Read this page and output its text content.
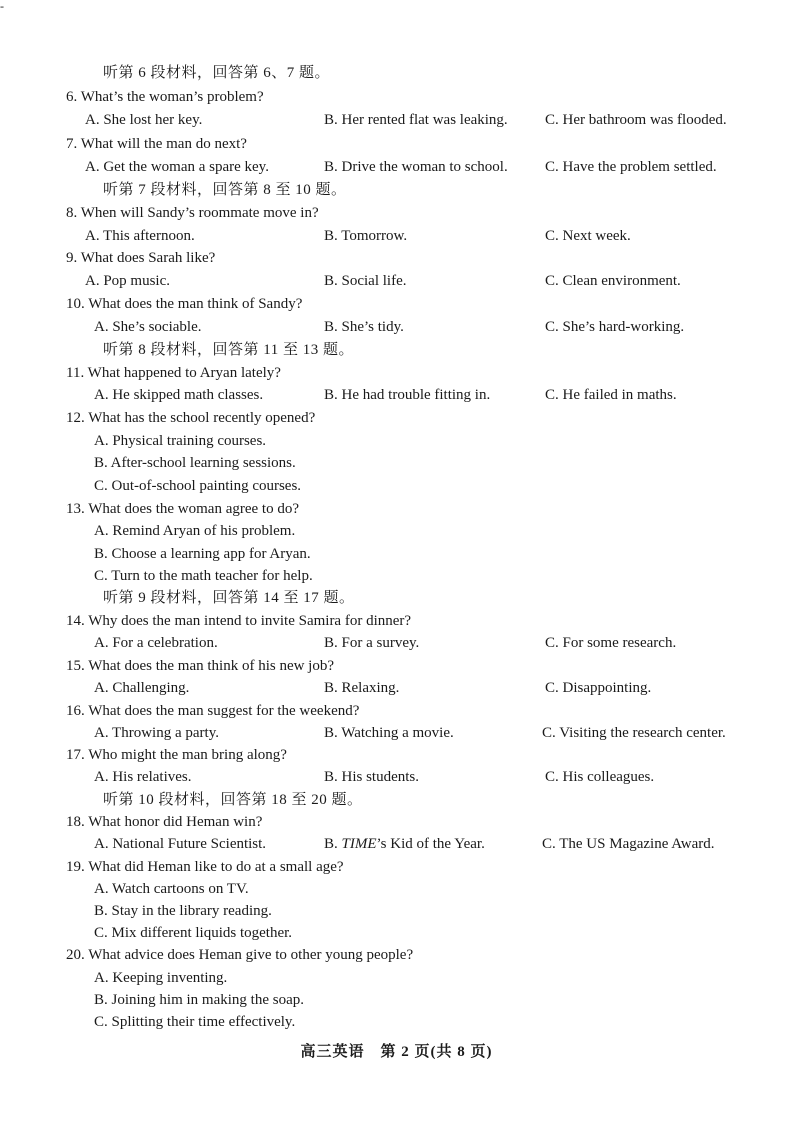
-
听第 6 段材料，回答第 6、7 题。
6. What’s the woman’s problem?
A. She lost her key.	B. Her rented flat was leaking. C. Her bathroom was flooded.
7. What will the man do next?
A. Get the woman a spare key.	B. Drive the woman to school. C. Have the problem settled.
听第 7 段材料，回答第 8 至 10 题。
8. When will Sandy’s roommate move in?
A. This afternoon.	B. Tomorrow.	C. Next week.
9. What does Sarah like?
A. Pop music.	B. Social life.	C. Clean environment.
10. What does the man think of Sandy?
A. She’s sociable.	B. She’s tidy.	C. She’s hard-working.
听第 8 段材料，回答第 11 至 13 题。
11. What happened to Aryan lately?
A. He skipped math classes.	B. He had trouble fitting in.	C. He failed in maths.
12. What has the school recently opened?
A. Physical training courses.
B. After-school learning sessions.
C. Out-of-school painting courses.
13. What does the woman agree to do?
A. Remind Aryan of his problem.
B. Choose a learning app for Aryan.
C. Turn to the math teacher for help.
听第 9 段材料，回答第 14 至 17 题。
14. Why does the man intend to invite Samira for dinner?
A. For a celebration.	B. For a survey.	C. For some research.
15. What does the man think of his new job?
A. Challenging.	B. Relaxing.	C. Disappointing.
16. What does the man suggest for the weekend?
A. Throwing a party.	B. Watching a movie.	C. Visiting the research center.
17. Who might the man bring along?
A. His relatives.	B. His students.	C. His colleagues.
听第 10 段材料，回答第 18 至 20 题。
18. What honor did Heman win?
A. National Future Scientist.	B. TIME’s Kid of the Year.	C. The US Magazine Award.
19. What did Heman like to do at a small age?
A. Watch cartoons on TV.
B. Stay in the library reading.
C. Mix different liquids together.
20. What advice does Heman give to other young people?
A. Keeping inventing.
B. Joining him in making the soap.
C. Splitting their time effectively.
高三英语　第 2 页(共 8 页)
